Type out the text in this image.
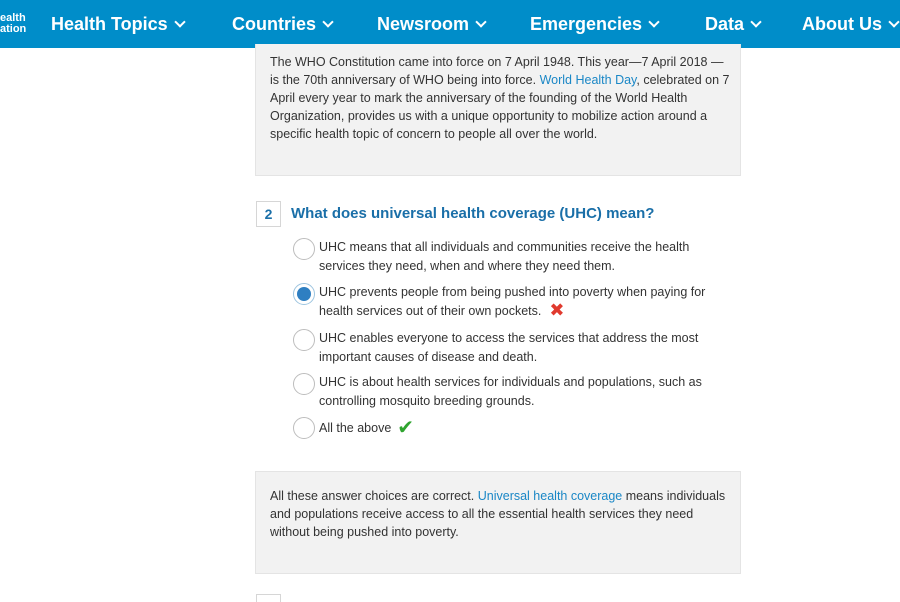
ealth
ation Health Topics	Countries	Newsroom	Emergencies	Data	About Us

The WHO Constitution came into force on 7 April 1948. This year—7 April 2018 —is the 70th anniversary of WHO being into force. World Health Day, celebrated on 7 April every year to mark the anniversary of the founding of the World Health Organization, provides us with a unique opportunity to mobilize action around a specific health topic of concern to people all over the world.

2	What does universal health coverage (UHC) mean?
UHC means that all individuals and communities receive the health services they need, when and where they need them.
UHC prevents people from being pushed into poverty when paying for health services out of their own pockets. ✖
UHC enables everyone to access the services that address the most important causes of disease and death.
UHC is about health services for individuals and populations, such as controlling mosquito breeding grounds.
All the above ✔

All these answer choices are correct. Universal health coverage means individuals and populations receive access to all the essential health services they need without being pushed into poverty.
